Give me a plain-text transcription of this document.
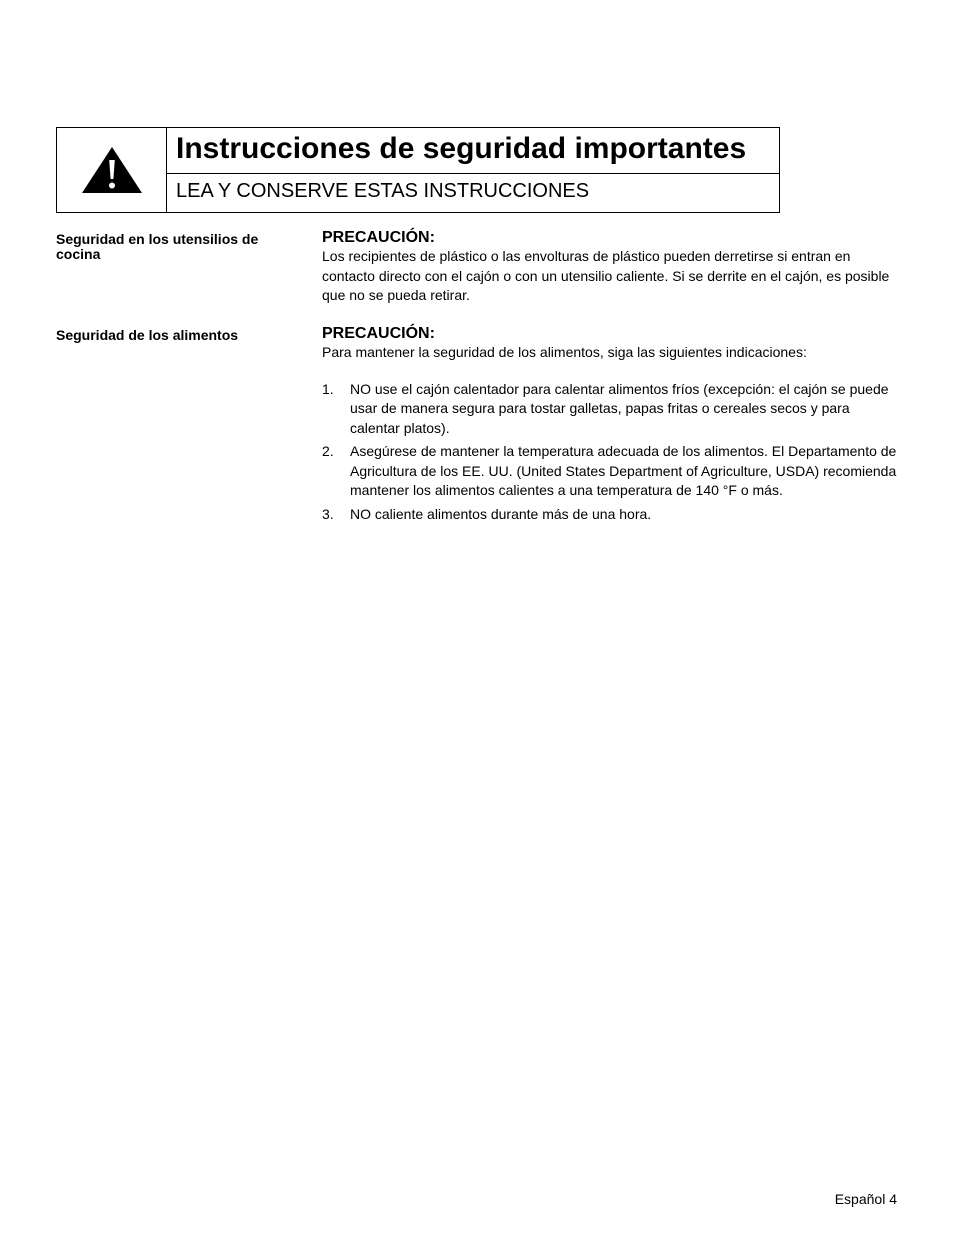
Instrucciones de seguridad importantes
LEA Y CONSERVE ESTAS INSTRUCCIONES
Seguridad en los utensilios de cocina

PRECAUCIÓN:

Los recipientes de plástico o las envolturas de plástico pueden derretirse si entran en contacto directo con el cajón o con un utensilio caliente. Si se derrite en el cajón, es posible que no se pueda retirar.

Seguridad de los alimentos	PRECAUCIÓN:

Para mantener la seguridad de los alimentos, siga las siguientes indicaciones:

1.	NO use el cajón calentador para calentar alimentos fríos (excepción: el cajón se puede usar de manera segura para tostar galletas, papas fritas o cereales secos y para calentar platos).
2.	Asegúrese de mantener la temperatura adecuada de los alimentos. El Departamento de Agricultura de los EE. UU. (United States Department of Agriculture, USDA) recomienda mantener los alimentos calientes a una temperatura de 140 °F o más.
3.	NO caliente alimentos durante más de una hora.
Español 4
